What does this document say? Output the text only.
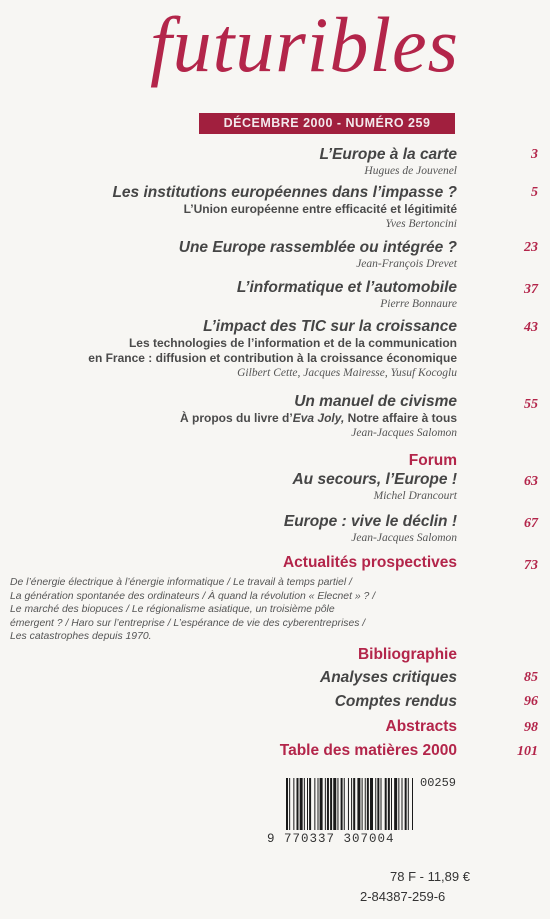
futuribles
DÉCEMBRE 2000 - NUMÉRO 259
L’Europe à la carte
Hugues de Jouvenel
3
Les institutions européennes dans l’impasse ?
L’Union européenne entre efficacité et légitimité
Yves Bertoncini
5
Une Europe rassemblée ou intégrée ?
Jean-François Drevet
23
L’informatique et l’automobile
Pierre Bonnaure
37
L’impact des TIC sur la croissance
Les technologies de l’information et de la communication
en France : diffusion et contribution à la croissance économique
Gilbert Cette, Jacques Mairesse, Yusuf Kocoglu
43
Un manuel de civisme
À propos du livre d’Eva Joly, Notre affaire à tous
Jean-Jacques Salomon
55
Forum
Au secours, l’Europe !
Michel Drancourt
63
Europe : vive le déclin !
Jean-Jacques Salomon
67
Actualités prospectives	73
De l’énergie électrique à l’énergie informatique / Le travail à temps partiel /
La génération spontanée des ordinateurs / À quand la révolution « Elecnet » ? /
Le marché des biopuces / Le régionalisme asiatique, un troisième pôle
émergent ? / Haro sur l’entreprise / L’espérance de vie des cyberentreprises /
Les catastrophes depuis 1970.
Bibliographie
Analyses critiques	85
Comptes rendus	96
Abstracts	98
Table des matières 2000	101
00259
9 770337 307004
78 F - 11,89 €
2-84387-259-6
